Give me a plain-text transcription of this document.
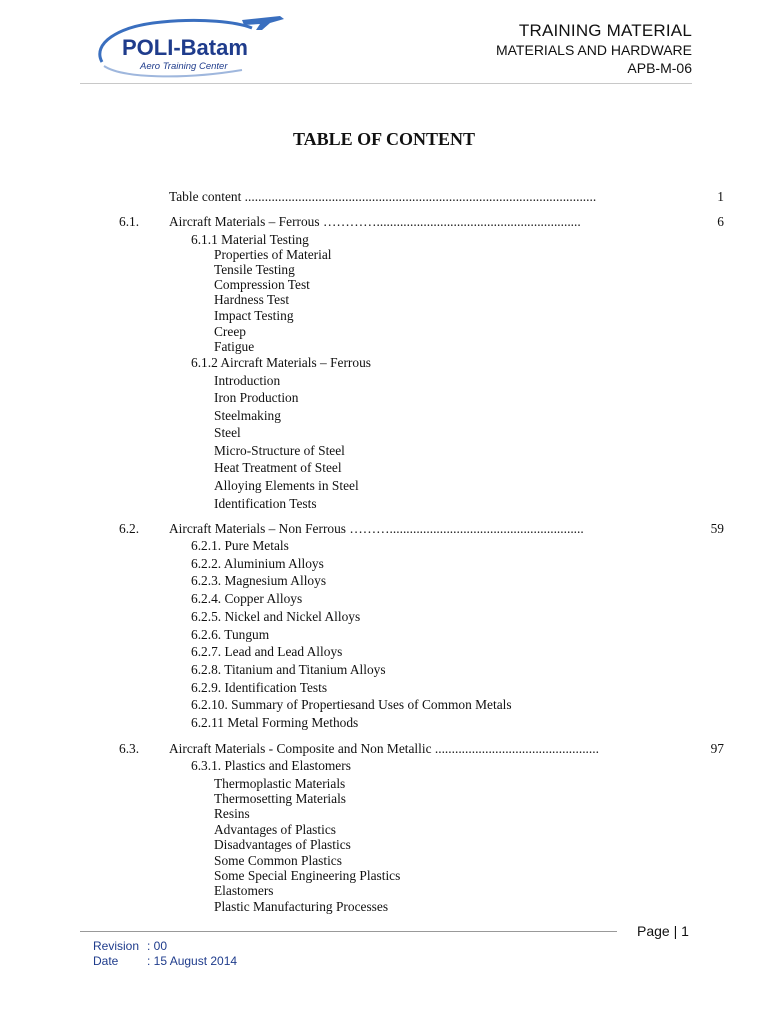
POLI-Batam
Aero Training Center
TRAINING MATERIAL
MATERIALS AND HARDWARE
APB-M-06
TABLE OF CONTENT
Table content .........................................................................................................	1
6.1. Aircraft Materials – Ferrous ………….............................................................	6
6.1.1 Material Testing
Properties of Material
Tensile Testing
Compression Test
Hardness Test
Impact Testing
Creep
Fatigue
6.1.2 Aircraft Materials – Ferrous
Introduction
Iron Production
Steelmaking
Steel
Micro-Structure of Steel
Heat Treatment of Steel
Alloying Elements in Steel
Identification Tests
6.2. Aircraft Materials – Non Ferrous ………..........................................................	59
6.2.1. Pure Metals
6.2.2. Aluminium Alloys
6.2.3. Magnesium Alloys
6.2.4. Copper Alloys
6.2.5. Nickel and Nickel Alloys
6.2.6. Tungum
6.2.7. Lead and Lead Alloys
6.2.8. Titanium and Titanium Alloys
6.2.9. Identification Tests
6.2.10. Summary of Propertiesand Uses of Common Metals
6.2.11 Metal Forming Methods
6.3. Aircraft Materials - Composite and Non Metallic .................................................	97
6.3.1. Plastics and Elastomers
Thermoplastic Materials
Thermosetting Materials
Resins
Advantages of Plastics
Disadvantages of Plastics
Some Common Plastics
Some Special Engineering Plastics
Elastomers
Plastic Manufacturing Processes
Page | 1
Revision : 00
Date : 15 August 2014
